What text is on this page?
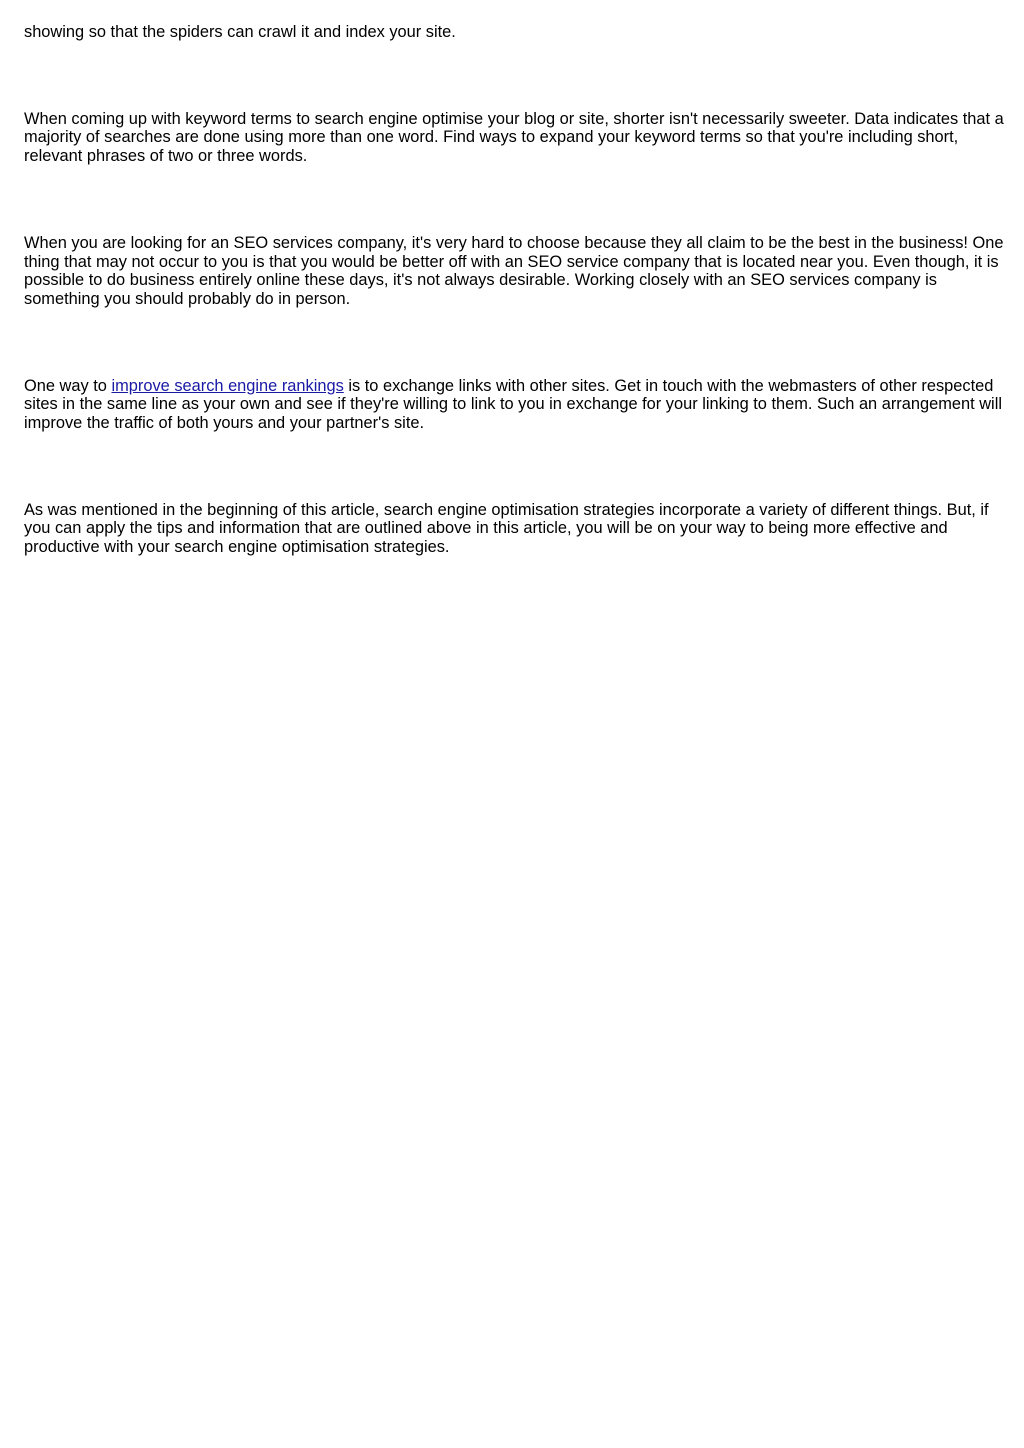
showing so that the spiders can crawl it and index your site.

When coming up with keyword terms to search engine optimise your blog or site, shorter isn't necessarily sweeter. Data indicates that a majority of searches are done using more than one word. Find ways to expand your keyword terms so that you're including short, relevant phrases of two or three words.

When you are looking for an SEO services company, it's very hard to choose because they all claim to be the best in the business! One thing that may not occur to you is that you would be better off with an SEO service company that is located near you. Even though, it is possible to do business entirely online these days, it's not always desirable. Working closely with an SEO services company is something you should probably do in person.

One way to improve search engine rankings is to exchange links with other sites. Get in touch with the webmasters of other respected sites in the same line as your own and see if they're willing to link to you in exchange for your linking to them. Such an arrangement will improve the traffic of both yours and your partner's site.

As was mentioned in the beginning of this article, search engine optimisation strategies incorporate a variety of different things. But, if you can apply the tips and information that are outlined above in this article, you will be on your way to being more effective and productive with your search engine optimisation strategies.
